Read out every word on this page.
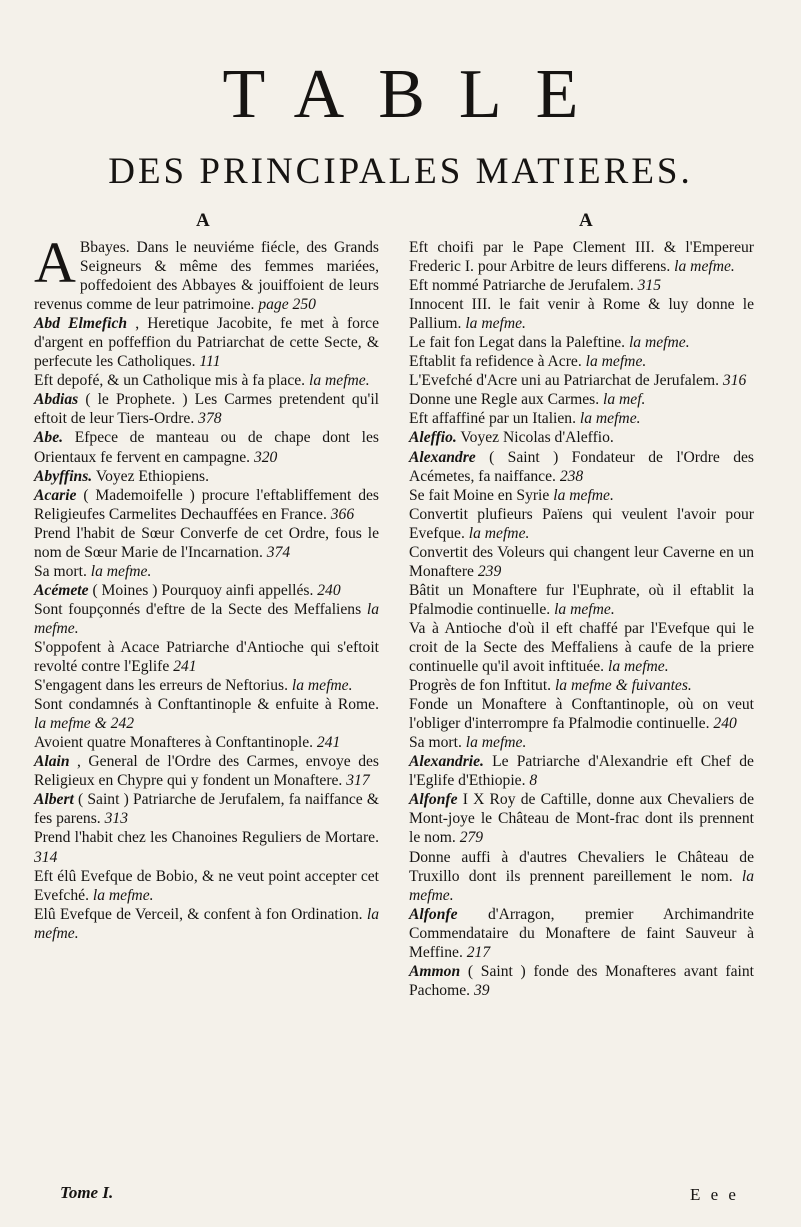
TABLE
DES PRINCIPALES MATIERES.
A	A

A Bbayes. Dans le neuviéme fiécle, des Grands Seigneurs & même des femmes mariées, poffedoient des Abbayes & jouiffoient de leurs revenus comme de leur patrimoine. page 250

Abd Elmefich , Heretique Jacobite, fe met à force d'argent en poffeffion du Patriarchat de cette Secte, & perfecute les Catholiques. 111

Eft depofé, & un Catholique mis à fa place. la mefme.

Abdias ( le Prophete. ) Les Carmes pretendent qu'il eftoit de leur Tiers-Ordre. 378

Abe. Efpece de manteau ou de chape dont les Orientaux fe fervent en campagne. 320

Abyffins. Voyez Ethiopiens.

Acarie ( Mademoifelle ) procure l'eftabliffement des Religieufes Carmelites Dechauffées en France. 366

Prend l'habit de Sœur Converfe de cet Ordre, fous le nom de Sœur Marie de l'Incarnation. 374

Sa mort. la mefme.

Acémete ( Moines ) Pourquoy ainfi appellés. 240

Sont foupçonnés d'eftre de la Secte des Meffaliens la mefme.

S'oppofent à Acace Patriarche d'Antioche qui s'eftoit revolté contre l'Eglife 241

S'engagent dans les erreurs de Neftorius. la mefme.

Sont condamnés à Conftantinople & enfuite à Rome. la mefme & 242

Avoient quatre Monafteres à Conftantinople. 241

Alain , General de l'Ordre des Carmes, envoye des Religieux en Chypre qui y fondent un Monaftere. 317

Albert ( Saint ) Patriarche de Jerufalem, fa naiffance & fes parens. 313

Prend l'habit chez les Chanoines Reguliers de Mortare. 314

Eft élû Evefque de Bobio, & ne veut point accepter cet Evefché. la mefme.

Elû Evefque de Verceil, & confent à fon Ordination. la mefme.

Eft choifi par le Pape Clement III. & l'Empereur Frederic I. pour Arbitre de leurs differens. la mefme.

Eft nommé Patriarche de Jerufalem. 315

Innocent III. le fait venir à Rome & luy donne le Pallium. la mefme.

Le fait fon Legat dans la Paleftine. la mefme.

Eftablit fa refidence à Acre. la mefme.

L'Evefché d'Acre uni au Patriarchat de Jerufalem. 316

Donne une Regle aux Carmes. la mef.

Eft affaffiné par un Italien. la mefme.

Aleffio. Voyez Nicolas d'Aleffio.

Alexandre ( Saint ) Fondateur de l'Ordre des Acémetes, fa naiffance. 238

Se fait Moine en Syrie la mefme.

Convertit plufieurs Païens qui veulent l'avoir pour Evefque. la mefme.

Convertit des Voleurs qui changent leur Caverne en un Monaftere 239

Bâtit un Monaftere fur l'Euphrate, où il eftablit la Pfalmodie continuelle. la mefme.

Va à Antioche d'où il eft chaffé par l'Evefque qui le croit de la Secte des Meffaliens à caufe de la priere continuelle qu'il avoit inftituée. la mefme.

Progrès de fon Inftitut. la mefme & fuivantes.

Fonde un Monaftere à Conftantinople, où on veut l'obliger d'interrompre fa Pfalmodie continuelle. 240

Sa mort. la mefme.

Alexandrie. Le Patriarche d'Alexandrie eft Chef de l'Eglife d'Ethiopie. 8

Alfonfe I X Roy de Caftille, donne aux Chevaliers de Mont-joye le Château de Mont-frac dont ils prennent le nom. 279

Donne auffi à d'autres Chevaliers le Château de Truxillo dont ils prennent pareillement le nom. la mefme.

Alfonfe d'Arragon, premier Archimandrite Commendataire du Monaftere de faint Sauveur à Meffine. 217

Ammon ( Saint ) fonde des Monafteres avant faint Pachome. 39

Tome I.	E e e
